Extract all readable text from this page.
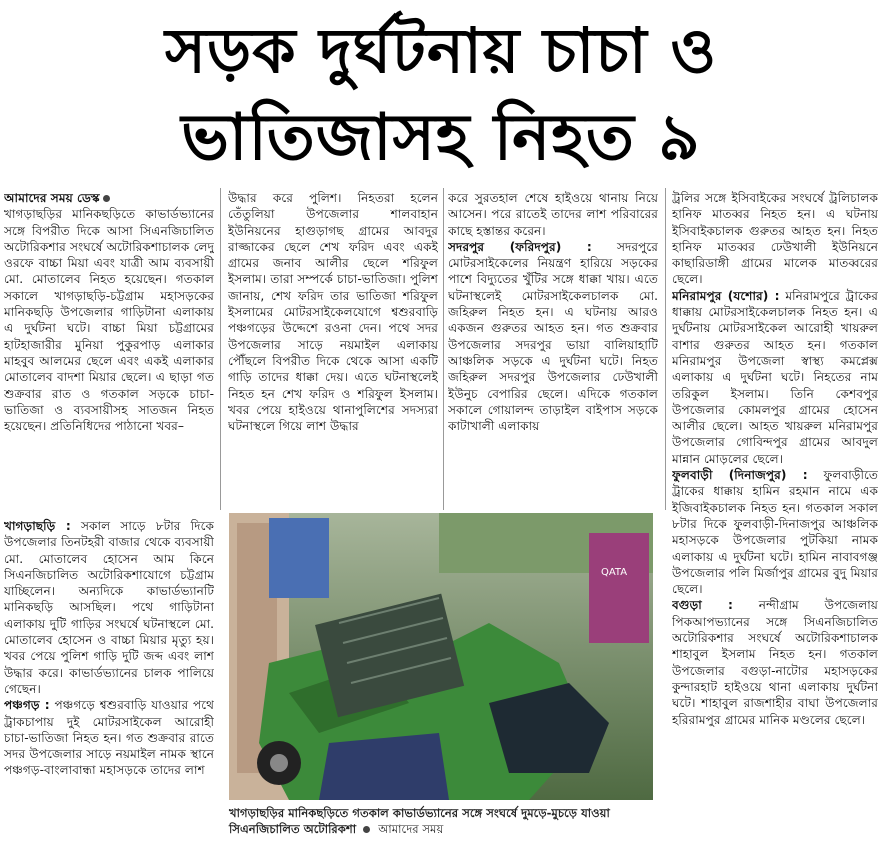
সড়ক দুর্ঘটনায় চাচা ও
ভাতিজাসহ নিহত ৯

আমাদের সময় ডেস্ক

খাগড়াছড়ির মানিকছড়িতে কাভার্ডভ্যানের সঙ্গে বিপরীত দিকে আসা সিএনজিচালিত অটোরিকশার সংঘর্ষে অটোরিকশাচালক লেদু ওরফে বাচ্চা মিয়া এবং যাত্রী আম ব্যবসায়ী মো. মোতালেব নিহত হয়েছেন। গতকাল সকালে খাগড়াছড়ি-চট্টগ্রাম মহাসড়কের মানিকছড়ি উপজেলার গাড়িটানা এলাকায় এ দুর্ঘটনা ঘটে। বাচ্চা মিয়া চট্টগ্রামের হাটহাজারীর মুনিয়া পুকুরপাড় এলাকার মাহবুব আলমের ছেলে এবং একই এলাকার মোতালেব বাদশা মিয়ার ছেলে। এ ছাড়া গত শুক্রবার রাত ও গতকাল সড়কে চাচা-ভাতিজা ও ব্যবসায়ীসহ সাতজন নিহত হয়েছেন। প্রতিনিধিদের পাঠানো খবর–

খাগড়াছড়ি : সকাল সাড়ে ৮টার দিকে উপজেলার তিনটহরী বাজার থেকে ব্যবসায়ী মো. মোতালেব হোসেন আম কিনে সিএনজিচালিত অটোরিকশাযোগে চট্টগ্রাম যাচ্ছিলেন। অন্যদিকে কাভার্ডভ্যানটি মানিকছড়ি আসছিল। পথে গাড়িটানা এলাকায় দুটি গাড়ির সংঘর্ষে ঘটনাস্থলে মো. মোতালেব হোসেন ও বাচ্চা মিয়ার মৃত্যু হয়। খবর পেয়ে পুলিশ গাড়ি দুটি জব্দ এবং লাশ উদ্ধার করে। কাভার্ডভ্যানের চালক পালিয়ে গেছেন।

পঞ্চগড় : পঞ্চগড়ে শ্বশুরবাড়ি যাওয়ার পথে ট্রাকচাপায় দুই মোটরসাইকেল আরোহী চাচা-ভাতিজা নিহত হন। গত শুক্রবার রাতে সদর উপজেলার সাড়ে নয়মাইল নামক স্থানে পঞ্চগড়-বাংলাবান্ধা মহাসড়কে তাদের লাশ

উদ্ধার করে পুলিশ। নিহতরা হলেন তেঁতুলিয়া উপজেলার শালবাহান ইউনিয়নের হাগুড়াগছ গ্রামের আবদুর রাজ্জাকের ছেলে শেখ ফরিদ এবং একই গ্রামের জনাব আলীর ছেলে শরিফুল ইসলাম। তারা সম্পর্কে চাচা-ভাতিজা। পুলিশ জানায়, শেখ ফরিদ তার ভাতিজা শরিফুল ইসলামের মোটরসাইকেলযোগে শ্বশুরবাড়ি পঞ্চগড়ের উদ্দেশে রওনা দেন। পথে সদর উপজেলার সাড়ে নয়মাইল এলাকায় পৌঁছলে বিপরীত দিকে থেকে আসা একটি গাড়ি তাদের ধাক্কা দেয়। এতে ঘটনাস্থলেই নিহত হন শেখ ফরিদ ও শরিফুল ইসলাম। খবর পেয়ে হাইওয়ে থানাপুলিশের সদস্যরা ঘটনাস্থলে গিয়ে লাশ উদ্ধার

করে সুরতহাল শেষে হাইওয়ে থানায় নিয়ে আসেন। পরে রাতেই তাদের লাশ পরিবারের কাছে হস্তান্তর করেন।

সদরপুর (ফরিদপুর) : সদরপুরে মোটরসাইকেলের নিয়ন্ত্রণ হারিয়ে সড়কের পাশে বিদ্যুতের খুঁটির সঙ্গে ধাক্কা খায়। এতে ঘটনাস্থলেই মোটরসাইকেলচালক মো. জহিরুল নিহত হন। এ ঘটনায় আরও একজন গুরুতর আহত হন। গত শুক্রবার উপজেলার সদরপুর ভায়া বালিয়াহাটি আঞ্চলিক সড়কে এ দুর্ঘটনা ঘটে। নিহত জহিরুল সদরপুর উপজেলার ঢেউখালী ইউনুচ বেপারির ছেলে। এদিকে গতকাল সকালে গোয়ালন্দ তাড়াইল বাইপাস সড়কে কাটাখালী এলাকায়

ট্রলির সঙ্গে ইসিবাইকের সংঘর্ষে ট্রলিচালক হানিফ মাতব্বর নিহত হন। এ ঘটনায় ইসিবাইকচালক গুরুতর আহত হন। নিহত হানিফ মাতব্বর ঢেউখালী ইউনিয়নে কাছারিডাঙ্গী গ্রামের মালেক মাতব্বরের ছেলে।

মনিরামপুর (যশোর) : মনিরামপুরে ট্রাকের ধাক্কায় মোটরসাইকেলচালক নিহত হন। এ দুর্ঘটনায় মোটরসাইকেল আরোহী খায়রুল বাশার গুরুতর আহত হন। গতকাল মনিরামপুর উপজেলা স্বাস্থ্য কমপ্লেক্স এলাকায় এ দুর্ঘটনা ঘটে। নিহতের নাম তরিকুল ইসলাম। তিনি কেশবপুর উপজেলার কোমলপুর গ্রামের হোসেন আলীর ছেলে। আহত খায়রুল মনিরামপুর উপজেলার গোবিন্দপুর গ্রামের আবদুল মান্নান মোড়লের ছেলে।

ফুলবাড়ী (দিনাজপুর) : ফুলবাড়ীতে ট্রাকের ধাক্কায় হামিন রহমান নামে এক ইজিবাইকচালক নিহত হন। গতকাল সকাল ৮টার দিকে ফুলবাড়ী-দিনাজপুর আঞ্চলিক মহাসড়কে উপজেলার পুটকিয়া নামক এলাকায় এ দুর্ঘটনা ঘটে। হামিন নাবাবগঞ্জ উপজেলার পলি মির্জাপুর গ্রামের বুদু মিয়ার ছেলে।

বগুড়া : নন্দীগ্রাম উপজেলায় পিকআপভ্যানের সঙ্গে সিএনজিচালিত অটোরিকশার সংঘর্ষে অটোরিকশাচালক শাহাবুল ইসলাম নিহত হন। গতকাল উপজেলার বগুড়া-নাটোর মহাসড়কের কুন্দারহাট হাইওয়ে থানা এলাকায় দুর্ঘটনা ঘটে। শাহাবুল রাজশাহীর বাঘা উপজেলার হরিরামপুর গ্রামের মানিক মণ্ডলের ছেলে।

QATA
খাগড়াছড়ির মানিকছড়িতে গতকাল কাভার্ডভ্যানের সঙ্গে সংঘর্ষে দুমড়ে-মুচড়ে যাওয়া সিএনজিচালিত অটোরিকশা আমাদের সময়
